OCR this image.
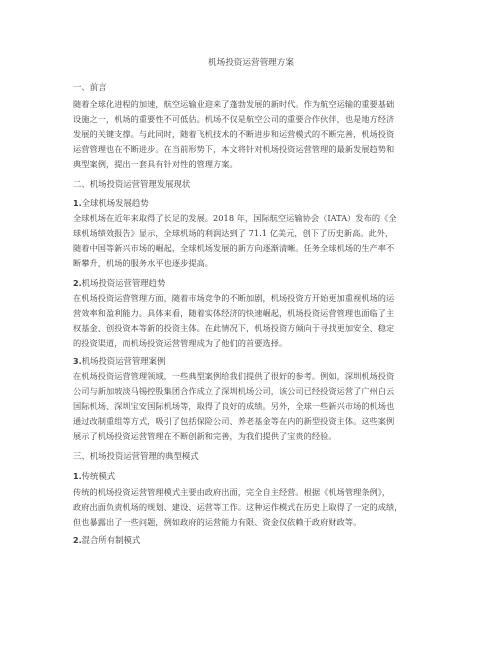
机场投资运营管理方案
一、前言
随着全球化进程的加速，航空运输业迎来了蓬勃发展的新时代。作为航空运输的重要基础
设施之一，机场的重要性不可低估。机场不仅是航空公司的重要合作伙伴，也是地方经济
发展的关键支撑。与此同时，随着飞机技术的不断进步和运营模式的不断完善，机场投资
运营管理也在不断进步。在当前形势下，本文将针对机场投资运营管理的最新发展趋势和
典型案例，提出一套具有针对性的管理方案。
二、机场投资运营管理发展现状
1.全球机场发展趋势
全球机场在近年来取得了长足的发展。2018 年，国际航空运输协会（IATA）发布的《全
球机场绩效报告》显示，全球机场的利润达到了 71.1 亿美元，创下了历史新高。此外，
随着中国等新兴市场的崛起，全球机场发展的新方向逐渐清晰。任务全球机场的生产率不
断攀升，机场的服务水平也逐步提高。
2.机场投资运营管理趋势
在机场投资运营管理方面，随着市场竞争的不断加剧，机场投资方开始更加重视机场的运
营效率和盈利能力。具体来看，随着实体经济的快速崛起，机场投资运营管理也面临了主
权基金、创投资本等新的投资主体。在此情况下，机场投资方倾向于寻找更加安全、稳定
的投资渠道，而机场投资运营管理成为了他们的首要选择。
3.机场投资运营管理案例
在机场投资运营管理领域，一些典型案例给我们提供了很好的参考。例如，深圳机场投资
公司与新加坡淡马锡控股集团合作成立了深圳机场公司，该公司已经投资运营了广州白云
国际机场、深圳宝安国际机场等，取得了良好的成绩。另外，全球一些新兴市场的机场也
通过改制重组等方式，吸引了包括保险公司、养老基金等在内的新型投资主体。这些案例
展示了机场投资运营管理在不断创新和完善，为我们提供了宝贵的经验。
三、机场投资运营管理的典型模式
1.传统模式
传统的机场投资运营管理模式主要由政府出面，完全自主经营。根据《机场管理条例》，
政府出面负责机场的规划、建设、运营等工作。这种运作模式在历史上取得了一定的成绩，
但也暴露出了一些问题，例如政府的运营能力有限、资金仅依赖于政府财政等。
2.混合所有制模式
